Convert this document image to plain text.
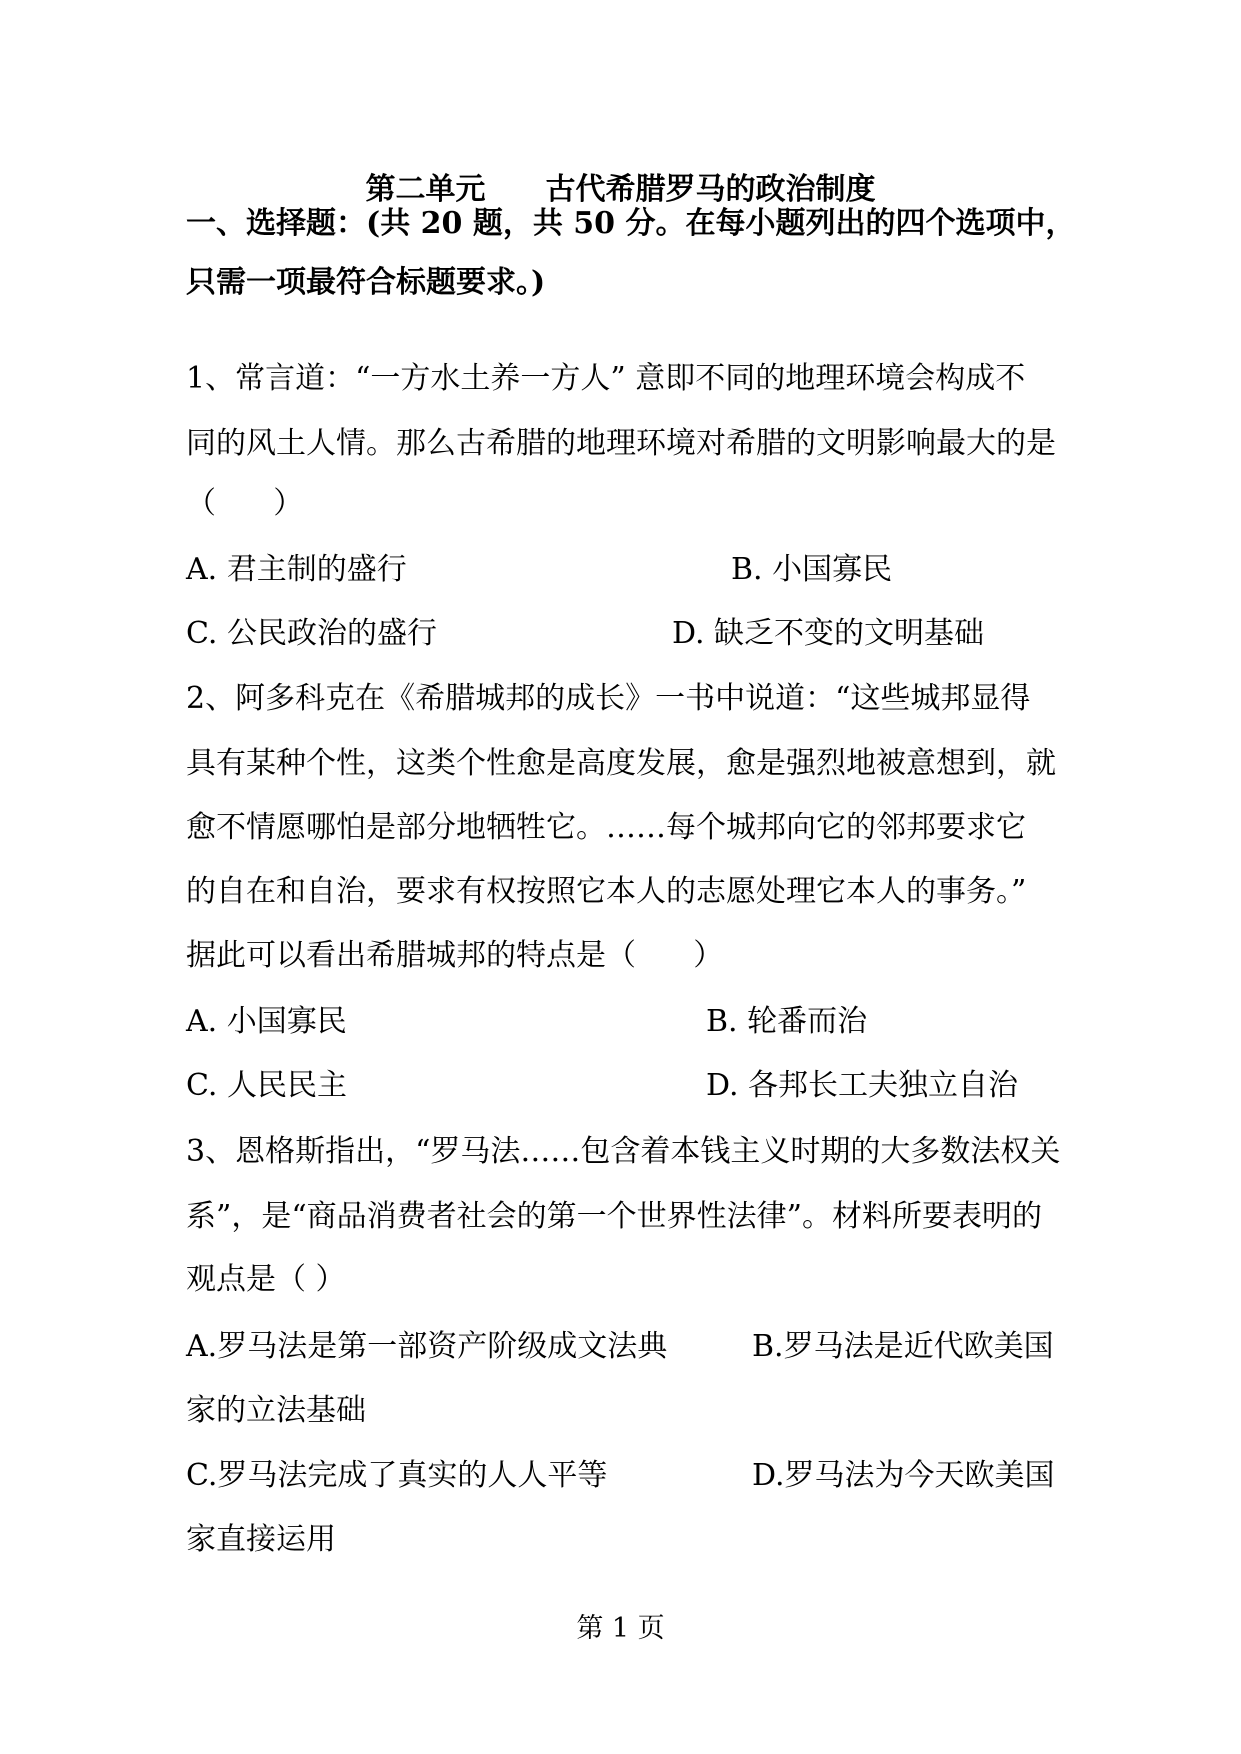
第二单元 古代希腊罗马的政治制度
一、选择题：(共 20 题，共 50 分。在每小题列出的四个选项中，
只需一项最符合标题要求。)
1、常言道：“一方水土养一方人” 意即不同的地理环境会构成不
同的风土人情。那么古希腊的地理环境对希腊的文明影响最大的是
（      ）
A. 君主制的盛行	B. 小国寡民
C. 公民政治的盛行	D. 缺乏不变的文明基础
2、阿多科克在《希腊城邦的成长》一书中说道：“这些城邦显得
具有某种个性，这类个性愈是高度发展，愈是强烈地被意想到，就
愈不情愿哪怕是部分地牺牲它。……每个城邦向它的邻邦要求它
的自在和自治，要求有权按照它本人的志愿处理它本人的事务。”
据此可以看出希腊城邦的特点是（      ）
A. 小国寡民	B. 轮番而治
C. 人民民主	D. 各邦长工夫独立自治
3、恩格斯指出，“罗马法……包含着本钱主义时期的大多数法权关
系”，是“商品消费者社会的第一个世界性法律”。材料所要表明的
观点是（ ）
A.罗马法是第一部资产阶级成文法典	B.罗马法是近代欧美国
家的立法基础
C.罗马法完成了真实的人人平等	D.罗马法为今天欧美国
家直接运用
第 1 页
